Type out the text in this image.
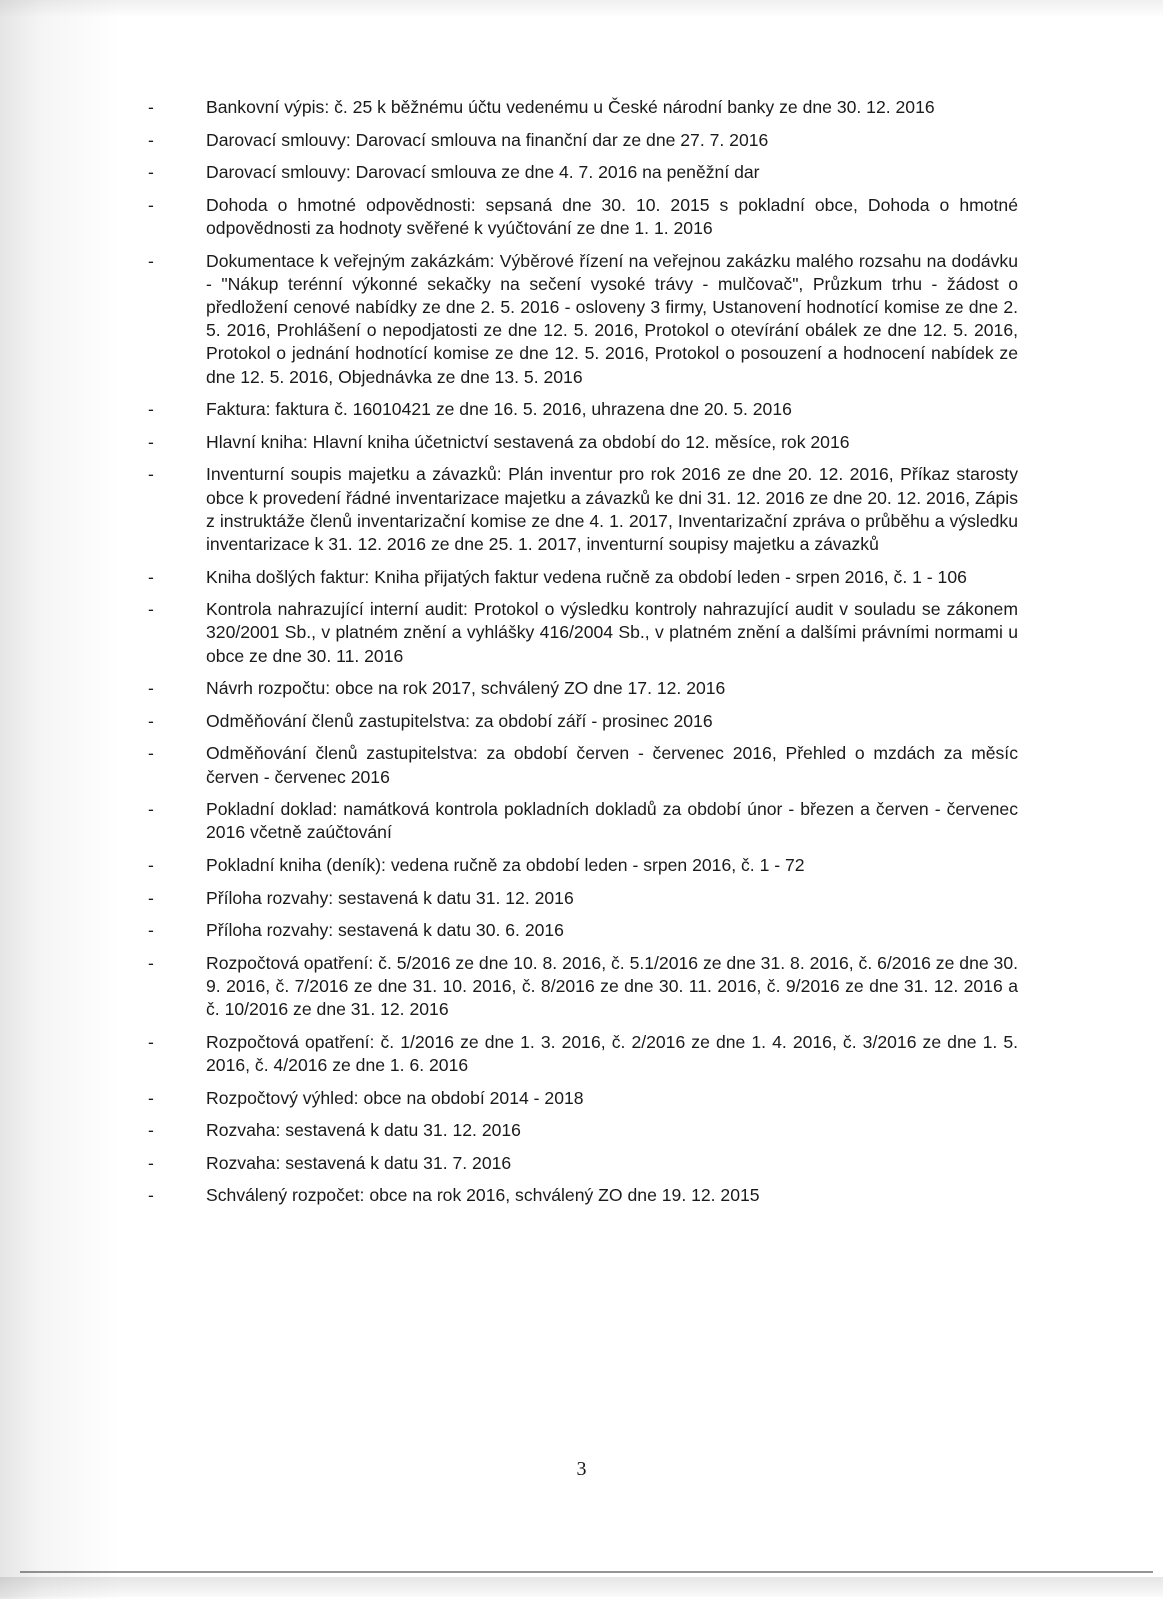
-	Bankovní výpis: č. 25 k běžnému účtu vedenému u České národní banky ze dne 30. 12. 2016
-	Darovací smlouvy: Darovací smlouva na finanční dar ze dne 27. 7. 2016
-	Darovací smlouvy: Darovací smlouva ze dne 4. 7. 2016 na peněžní dar
-	Dohoda o hmotné odpovědnosti: sepsaná dne 30. 10. 2015 s pokladní obce, Dohoda o hmotné odpovědnosti za hodnoty svěřené k vyúčtování ze dne 1. 1. 2016
-	Dokumentace k veřejným zakázkám: Výběrové řízení na veřejnou zakázku malého rozsahu na dodávku - "Nákup terénní výkonné sekačky na sečení vysoké trávy - mulčovač", Průzkum trhu - žádost o předložení cenové nabídky ze dne 2. 5. 2016 - osloveny 3 firmy, Ustanovení hodnotící komise ze dne 2. 5. 2016, Prohlášení o nepodjatosti ze dne 12. 5. 2016, Protokol o otevírání obálek ze dne 12. 5. 2016, Protokol o jednání hodnotící komise ze dne 12. 5. 2016, Protokol o posouzení a hodnocení nabídek ze dne 12. 5. 2016, Objednávka ze dne 13. 5. 2016
-	Faktura: faktura č. 16010421 ze dne 16. 5. 2016, uhrazena dne 20. 5. 2016
-	Hlavní kniha: Hlavní kniha účetnictví sestavená za období do 12. měsíce, rok 2016
-	Inventurní soupis majetku a závazků: Plán inventur pro rok 2016 ze dne 20. 12. 2016, Příkaz starosty obce k provedení řádné inventarizace majetku a závazků ke dni 31. 12. 2016 ze dne 20. 12. 2016, Zápis z instruktáže členů inventarizační komise ze dne 4. 1. 2017, Inventarizační zpráva o průběhu a výsledku inventarizace k 31. 12. 2016 ze dne 25. 1. 2017, inventurní soupisy majetku a závazků
-	Kniha došlých faktur: Kniha přijatých faktur vedena ručně za období leden - srpen 2016, č. 1 - 106
-	Kontrola nahrazující interní audit: Protokol o výsledku kontroly nahrazující audit v souladu se zákonem 320/2001 Sb., v platném znění a vyhlášky 416/2004 Sb., v platném znění a dalšími právními normami u obce ze dne 30. 11. 2016
-	Návrh rozpočtu: obce na rok 2017, schválený ZO dne 17. 12. 2016
-	Odměňování členů zastupitelstva: za období září - prosinec 2016
-	Odměňování členů zastupitelstva: za období červen - červenec 2016, Přehled o mzdách za měsíc červen - červenec 2016
-	Pokladní doklad: namátková kontrola pokladních dokladů za období únor - březen a červen - červenec 2016 včetně zaúčtování
-	Pokladní kniha (deník): vedena ručně za období leden - srpen 2016, č. 1 - 72
-	Příloha rozvahy: sestavená k datu 31. 12. 2016
-	Příloha rozvahy: sestavená k datu 30. 6. 2016
-	Rozpočtová opatření: č. 5/2016 ze dne 10. 8. 2016, č. 5.1/2016 ze dne 31. 8. 2016, č. 6/2016 ze dne 30. 9. 2016, č. 7/2016 ze dne 31. 10. 2016, č. 8/2016 ze dne 30. 11. 2016, č. 9/2016 ze dne 31. 12. 2016 a č. 10/2016 ze dne 31. 12. 2016
-	Rozpočtová opatření: č. 1/2016 ze dne 1. 3. 2016, č. 2/2016 ze dne 1. 4. 2016, č. 3/2016 ze dne 1. 5. 2016, č. 4/2016 ze dne 1. 6. 2016
-	Rozpočtový výhled: obce na období 2014 - 2018
-	Rozvaha: sestavená k datu 31. 12. 2016
-	Rozvaha: sestavená k datu 31. 7. 2016
-	Schválený rozpočet: obce na rok 2016, schválený ZO dne 19. 12. 2015
3
